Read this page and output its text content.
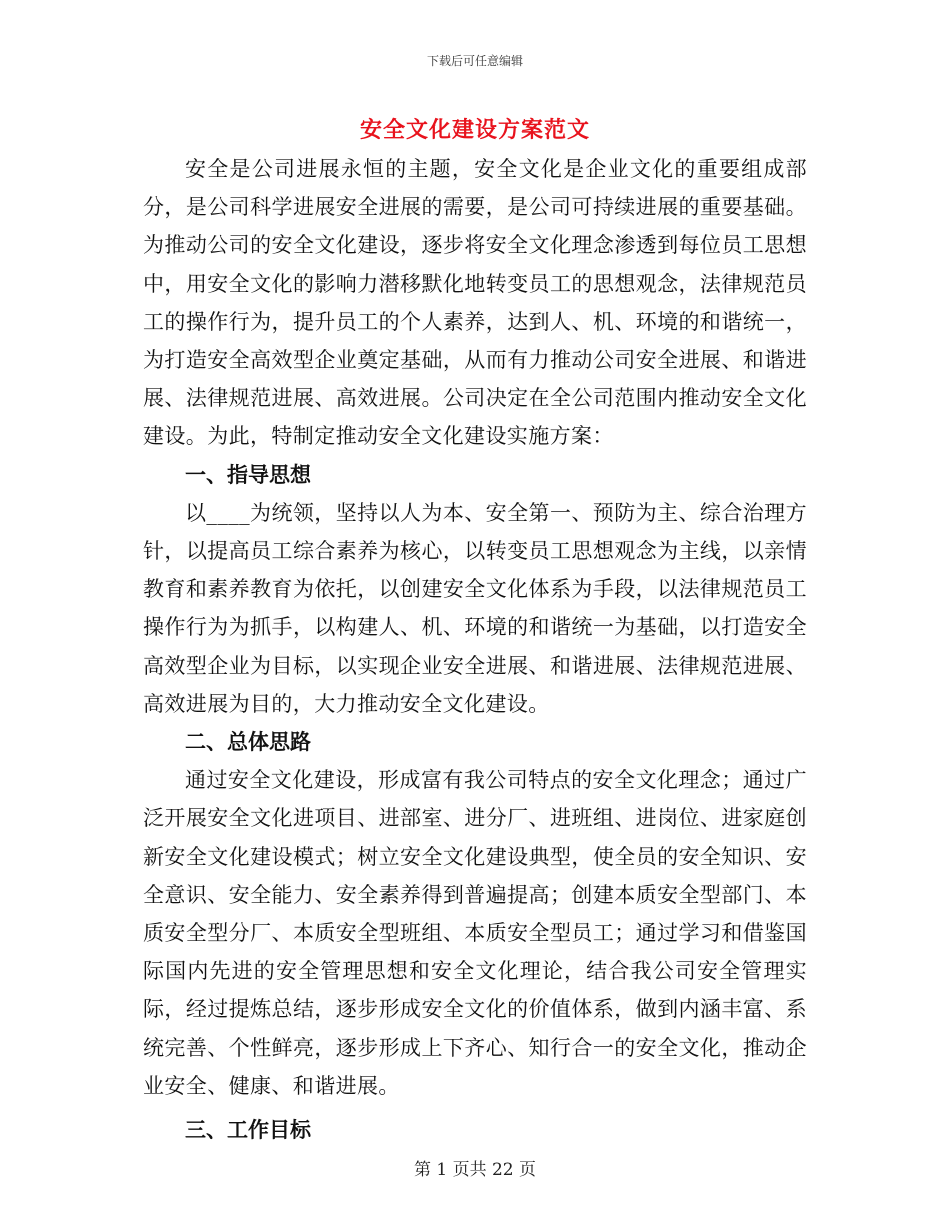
下载后可任意编辑
安全文化建设方案范文

安全是公司进展永恒的主题，安全文化是企业文化的重要组成部分，是公司科学进展安全进展的需要，是公司可持续进展的重要基础。为推动公司的安全文化建设，逐步将安全文化理念渗透到每位员工思想中，用安全文化的影响力潜移默化地转变员工的思想观念，法律规范员工的操作行为，提升员工的个人素养，达到人、机、环境的和谐统一，为打造安全高效型企业奠定基础，从而有力推动公司安全进展、和谐进展、法律规范进展、高效进展。公司决定在全公司范围内推动安全文化建设。为此，特制定推动安全文化建设实施方案：

一、指导思想

以____为统领，坚持以人为本、安全第一、预防为主、综合治理方针，以提高员工综合素养为核心，以转变员工思想观念为主线，以亲情教育和素养教育为依托，以创建安全文化体系为手段，以法律规范员工操作行为为抓手，以构建人、机、环境的和谐统一为基础，以打造安全高效型企业为目标，以实现企业安全进展、和谐进展、法律规范进展、高效进展为目的，大力推动安全文化建设。

二、总体思路

通过安全文化建设，形成富有我公司特点的安全文化理念；通过广泛开展安全文化进项目、进部室、进分厂、进班组、进岗位、进家庭创新安全文化建设模式；树立安全文化建设典型，使全员的安全知识、安全意识、安全能力、安全素养得到普遍提高；创建本质安全型部门、本质安全型分厂、本质安全型班组、本质安全型员工；通过学习和借鉴国际国内先进的安全管理思想和安全文化理论，结合我公司安全管理实际，经过提炼总结，逐步形成安全文化的价值体系，做到内涵丰富、系统完善、个性鲜亮，逐步形成上下齐心、知行合一的安全文化，推动企业安全、健康、和谐进展。

三、工作目标

第 1 页共 22 页
